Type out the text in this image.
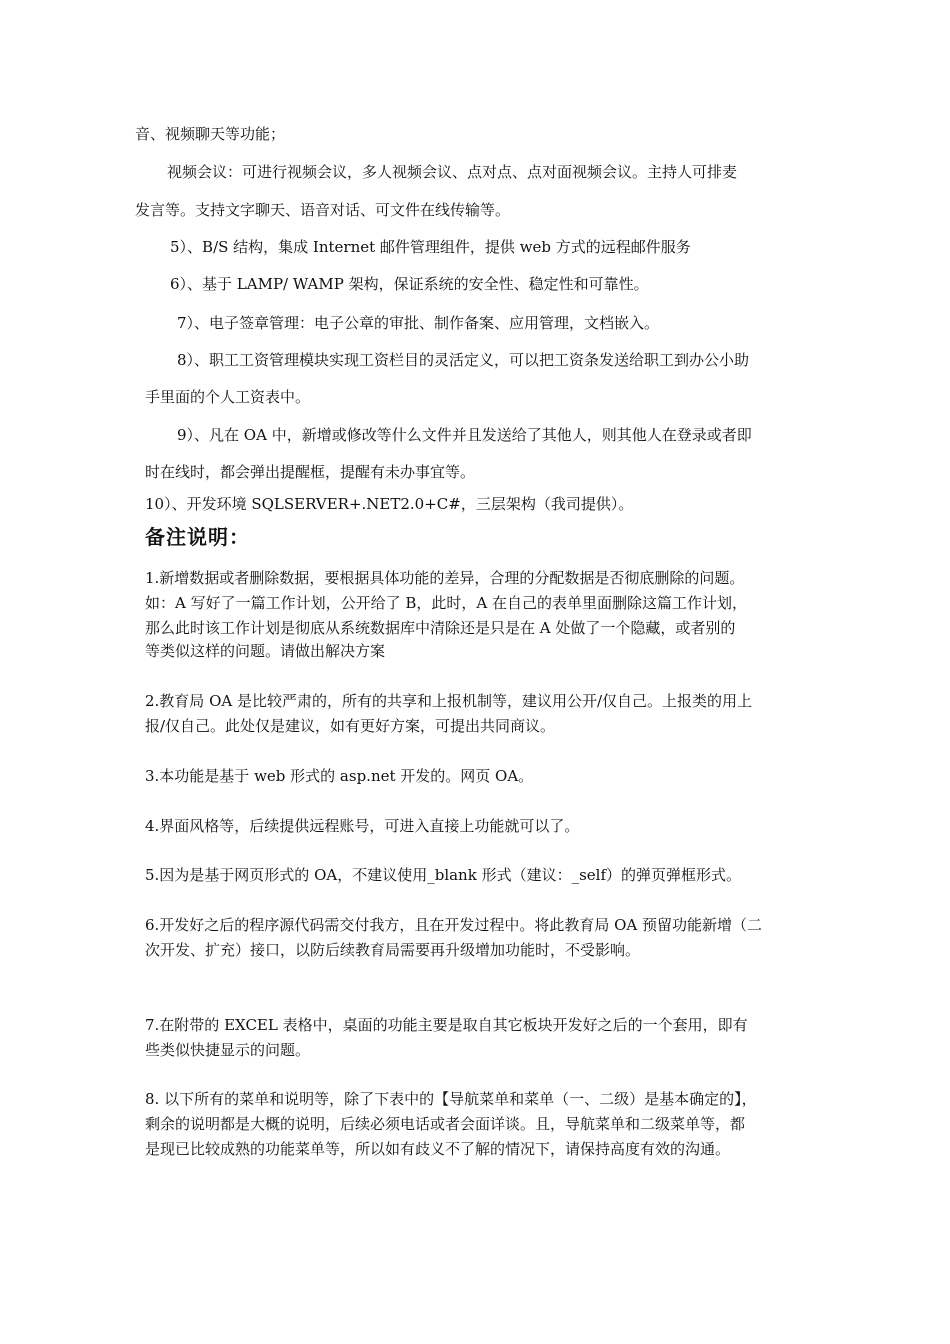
音、视频聊天等功能；

视频会议：可进行视频会议，多人视频会议、点对点、点对面视频会议。主持人可排麦

发言等。支持文字聊天、语音对话、可文件在线传输等。

5）、B/S 结构，集成 Internet 邮件管理组件，提供 web 方式的远程邮件服务

6）、基于 LAMP/ WAMP 架构，保证系统的安全性、稳定性和可靠性。

7）、电子签章管理：电子公章的审批、制作备案、应用管理，文档嵌入。

8）、职工工资管理模块实现工资栏目的灵活定义，可以把工资条发送给职工到办公小助

手里面的个人工资表中。

9）、凡在 OA 中，新增或修改等什么文件并且发送给了其他人，则其他人在登录或者即

时在线时，都会弹出提醒框，提醒有未办事宜等。

10）、开发环境 SQLSERVER+.NET2.0+C#，三层架构（我司提供）。

备注说明：

1.新增数据或者删除数据，要根据具体功能的差异，合理的分配数据是否彻底删除的问题。

如：A 写好了一篇工作计划，公开给了 B，此时，A 在自己的表单里面删除这篇工作计划，

那么此时该工作计划是彻底从系统数据库中清除还是只是在 A 处做了一个隐藏，或者别的

等类似这样的问题。请做出解决方案

2.教育局 OA 是比较严肃的，所有的共享和上报机制等，建议用公开/仅自己。上报类的用上

报/仅自己。此处仅是建议，如有更好方案，可提出共同商议。

3.本功能是基于 web 形式的 asp.net 开发的。网页 OA。

4.界面风格等，后续提供远程账号，可进入直接上功能就可以了。

5.因为是基于网页形式的 OA，不建议使用_blank 形式（建议：_self）的弹页弹框形式。

6.开发好之后的程序源代码需交付我方，且在开发过程中。将此教育局 OA 预留功能新增（二

次开发、扩充）接口，以防后续教育局需要再升级增加功能时，不受影响。

7.在附带的 EXCEL 表格中，桌面的功能主要是取自其它板块开发好之后的一个套用，即有

些类似快捷显示的问题。

8. 以下所有的菜单和说明等，除了下表中的【导航菜单和菜单（一、二级）是基本确定的】，

剩余的说明都是大概的说明，后续必须电话或者会面详谈。且，导航菜单和二级菜单等，都

是现已比较成熟的功能菜单等，所以如有歧义不了解的情况下，请保持高度有效的沟通。
